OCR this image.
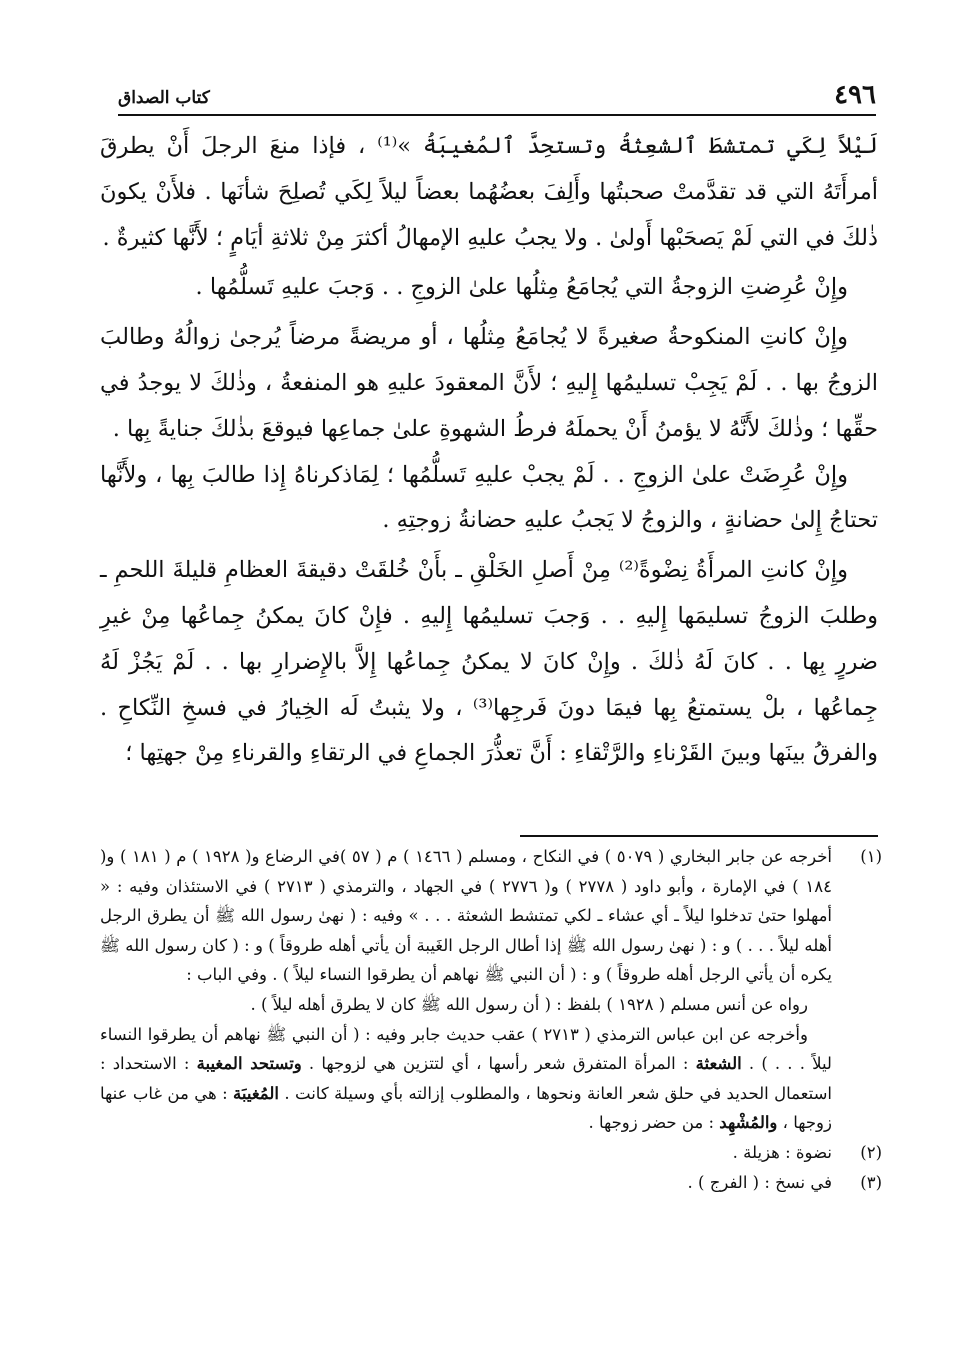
٤٩٦
كتاب الصداق

لَيْلاً لِكَي تمتشطَ ٱلشعِثةُ وتستحِدَّ ٱلمُغيبَةُ »⁽¹⁾ ، فإذا منعَ الرجلَ أَنْ يطرقَ أمرأَتَهُ التي قد تقدَّمتْ صحبتُها وأَلِفَ بعضُهُما بعضاً ليلاً لِكَي تُصلِحَ شأنَها . فلأَنْ يكونَ ذٰلكَ في التي لَمْ يَصحَبْها أَولىٰ . ولا يجبُ عليهِ الإمهالُ أكثرَ مِنْ ثلاثةِ أيَامٍ ؛ لأَنَّها كثيرةٌ .

وإِنْ عُرِضتِ الزوجةُ التي يُجامَعُ مِثلُها علىٰ الزوجِ . . وَجبَ عليهِ تَسلُّمُها .

وإِنْ كانتِ المنكوحةُ صغيرةً لا يُجامَعُ مِثلُها ، أو مريضةً مرضاً يُرجىٰ زوالُهُ وطالبَ الزوجُ بها . . لَمْ يَجِبْ تسليمُها إِليهِ ؛ لأَنَّ المعقودَ عليهِ هو المنفعةُ ، وذٰلكَ لا يوجدُ في حقِّها ؛ وذٰلكَ لأَنَّهُ لا يؤمنُ أَنْ يحملَهُ فرطُ الشهوةِ علىٰ جماعِها فيوقعَ بذٰلكَ جنايةً بِها .

وإِنْ عُرِضَتْ علىٰ الزوجِ . . لَمْ يجبْ عليهِ تَسلُّمُها ؛ لِمَاذكرناهُ إِذا طالبَ بِها ، ولأَنَّها تحتاجُ إِلىٰ حضانةٍ ، والزوجُ لا يَجبُ عليهِ حضانةُ زوجتِهِ .

وإِنْ كانتِ المرأَةُ نِضْوةً⁽²⁾ مِنْ أَصلِ الخَلْقِ ـ بأَنْ خُلقَتْ دقيقةَ العظامِ قليلةَ اللحمِ ـ وطلبَ الزوجُ تسليمَها إِليهِ . . وَجبَ تسليمُها إِليهِ . فإِنْ كانَ يمكنُ جِماعُها مِنْ غيرِ ضررٍ بِها . . كانَ لَهُ ذٰلكَ . وإِنْ كانَ لا يمكنُ جِماعُها إِلاَّ بالإِضرارِ بها . . لَمْ يَجُزْ لَهُ جِماعُها ، بلْ يستمتعُ بِها فيمَا دونَ فَرجِها⁽³⁾ ، ولا يثبتُ لَه الخِيارُ في فسخِ النِّكاحِ . والفرقُ بينَها وبينَ القَرْناءِ والرَّتْقاءِ : أَنَّ تعذُّرَ الجماعِ في الرتقاءِ والقرناءِ مِنْ جهتِها ؛

(١)

أخرجه عن جابر البخاري ( ٥٠٧٩ ) في النكاح ، ومسلم ( ١٤٦٦ ) م ( ٥٧ )في الرضاع و( ١٩٢٨ ) م ( ١٨١ ) و( ١٨٤ ) في الإمارة ، وأبو داود ( ٢٧٧٨ ) و( ٢٧٧٦ ) في الجهاد ، والترمذي ( ٢٧١٣ ) في الاستئذان وفيه : « أمهلوا حتىٰ تدخلوا ليلاً ـ أي عشاء ـ لكي تمتشط الشعثة . . . » وفيه : ( نهىٰ رسول الله ﷺ أن يطرق الرجل أهله ليلاً . . . ) و : ( نهىٰ رسول الله ﷺ إذا أطال الرجل الغَيبة أن يأتي أهله طروقاً ) و : ( كان رسول الله ﷺ يكره أن يأتي الرجل أهله طروقاً ) و : ( أن النبي ﷺ نهاهم أن يطرقوا النساء ليلاً ) . وفي الباب :

رواه عن أنس مسلم ( ١٩٢٨ ) بلفظ : ( أن رسول الله ﷺ كان لا يطرق أهله ليلاً ) .

وأخرجه عن ابن عباس الترمذي ( ٢٧١٣ ) عقب حديث جابر وفيه : ( أن النبي ﷺ نهاهم أن يطرقوا النساء ليلاً . . . ) . الشعثة : المرأة المتفرق شعر رأسها ، أي لتتزين هي لزوجها . وتستحد المغيبة : الاستحداد : استعمال الحديد في حلق شعر العانة ونحوها ، والمطلوب إزالته بأي وسيلة كانت . المُغيبَة : هي من غاب عنها زوجها ، والمُشْهِد : من حضر زوجها .

(٢)

نضوة : هزيلة .

(٣)

في نسخ : ( الفرج ) .
